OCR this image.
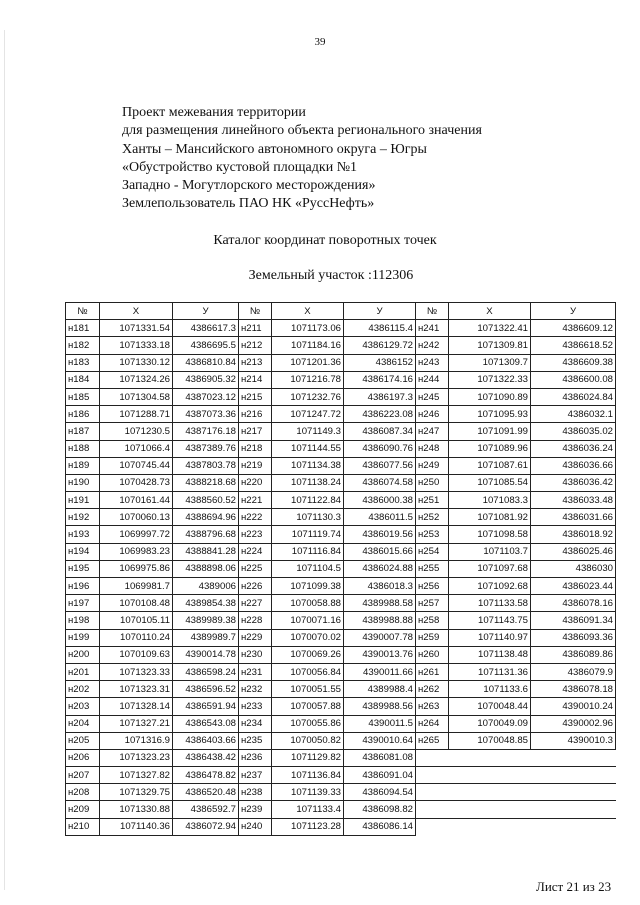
39
Проект межевания территории
для размещения линейного объекта регионального значения
Ханты – Мансийского автономного округа – Югры
«Обустройство кустовой площадки №1
Западно - Могутлорского месторождения»
Землепользователь ПАО НК «РуссНефть»
Каталог координат поворотных точек
Земельный участок :112306
№	X	У	№	X	У	№	X	У
н181	1071331.54	4386617.3	н211	1071173.06	4386115.4	н241	1071322.41	4386609.12
н182	1071333.18	4386695.5	н212	1071184.16	4386129.72	н242	1071309.81	4386618.52
н183	1071330.12	4386810.84	н213	1071201.36	4386152	н243	1071309.7	4386609.38
н184	1071324.26	4386905.32	н214	1071216.78	4386174.16	н244	1071322.33	4386600.08
н185	1071304.58	4387023.12	н215	1071232.76	4386197.3	н245	1071090.89	4386024.84
н186	1071288.71	4387073.36	н216	1071247.72	4386223.08	н246	1071095.93	4386032.1
н187	1071230.5	4387176.18	н217	1071149.3	4386087.34	н247	1071091.99	4386035.02
н188	1071066.4	4387389.76	н218	1071144.55	4386090.76	н248	1071089.96	4386036.24
н189	1070745.44	4387803.78	н219	1071134.38	4386077.56	н249	1071087.61	4386036.66
н190	1070428.73	4388218.68	н220	1071138.24	4386074.58	н250	1071085.54	4386036.42
н191	1070161.44	4388560.52	н221	1071122.84	4386000.38	н251	1071083.3	4386033.48
н192	1070060.13	4388694.96	н222	1071130.3	4386011.5	н252	1071081.92	4386031.66
н193	1069997.72	4388796.68	н223	1071119.74	4386019.56	н253	1071098.58	4386018.92
н194	1069983.23	4388841.28	н224	1071116.84	4386015.66	н254	1071103.7	4386025.46
н195	1069975.86	4388898.06	н225	1071104.5	4386024.88	н255	1071097.68	4386030
н196	1069981.7	4389006	н226	1071099.38	4386018.3	н256	1071092.68	4386023.44
н197	1070108.48	4389854.38	н227	1070058.88	4389988.58	н257	1071133.58	4386078.16
н198	1070105.11	4389989.38	н228	1070071.16	4389988.88	н258	1071143.75	4386091.34
н199	1070110.24	4389989.7	н229	1070070.02	4390007.78	н259	1071140.97	4386093.36
н200	1070109.63	4390014.78	н230	1070069.26	4390013.76	н260	1071138.48	4386089.86
н201	1071323.33	4386598.24	н231	1070056.84	4390011.66	н261	1071131.36	4386079.9
н202	1071323.31	4386596.52	н232	1070051.55	4389988.4	н262	1071133.6	4386078.18
н203	1071328.14	4386591.94	н233	1070057.88	4389988.56	н263	1070048.44	4390010.24
н204	1071327.21	4386543.08	н234	1070055.86	4390011.5	н264	1070049.09	4390002.96
н205	1071316.9	4386403.66	н235	1070050.82	4390010.64	н265	1070048.85	4390010.3
н206	1071323.23	4386438.42	н236	1071129.82	4386081.08			
н207	1071327.82	4386478.82	н237	1071136.84	4386091.04			
н208	1071329.75	4386520.48	н238	1071139.33	4386094.54			
н209	1071330.88	4386592.7	н239	1071133.4	4386098.82			
н210	1071140.36	4386072.94	н240	1071123.28	4386086.14			
Лист 21 из 23
